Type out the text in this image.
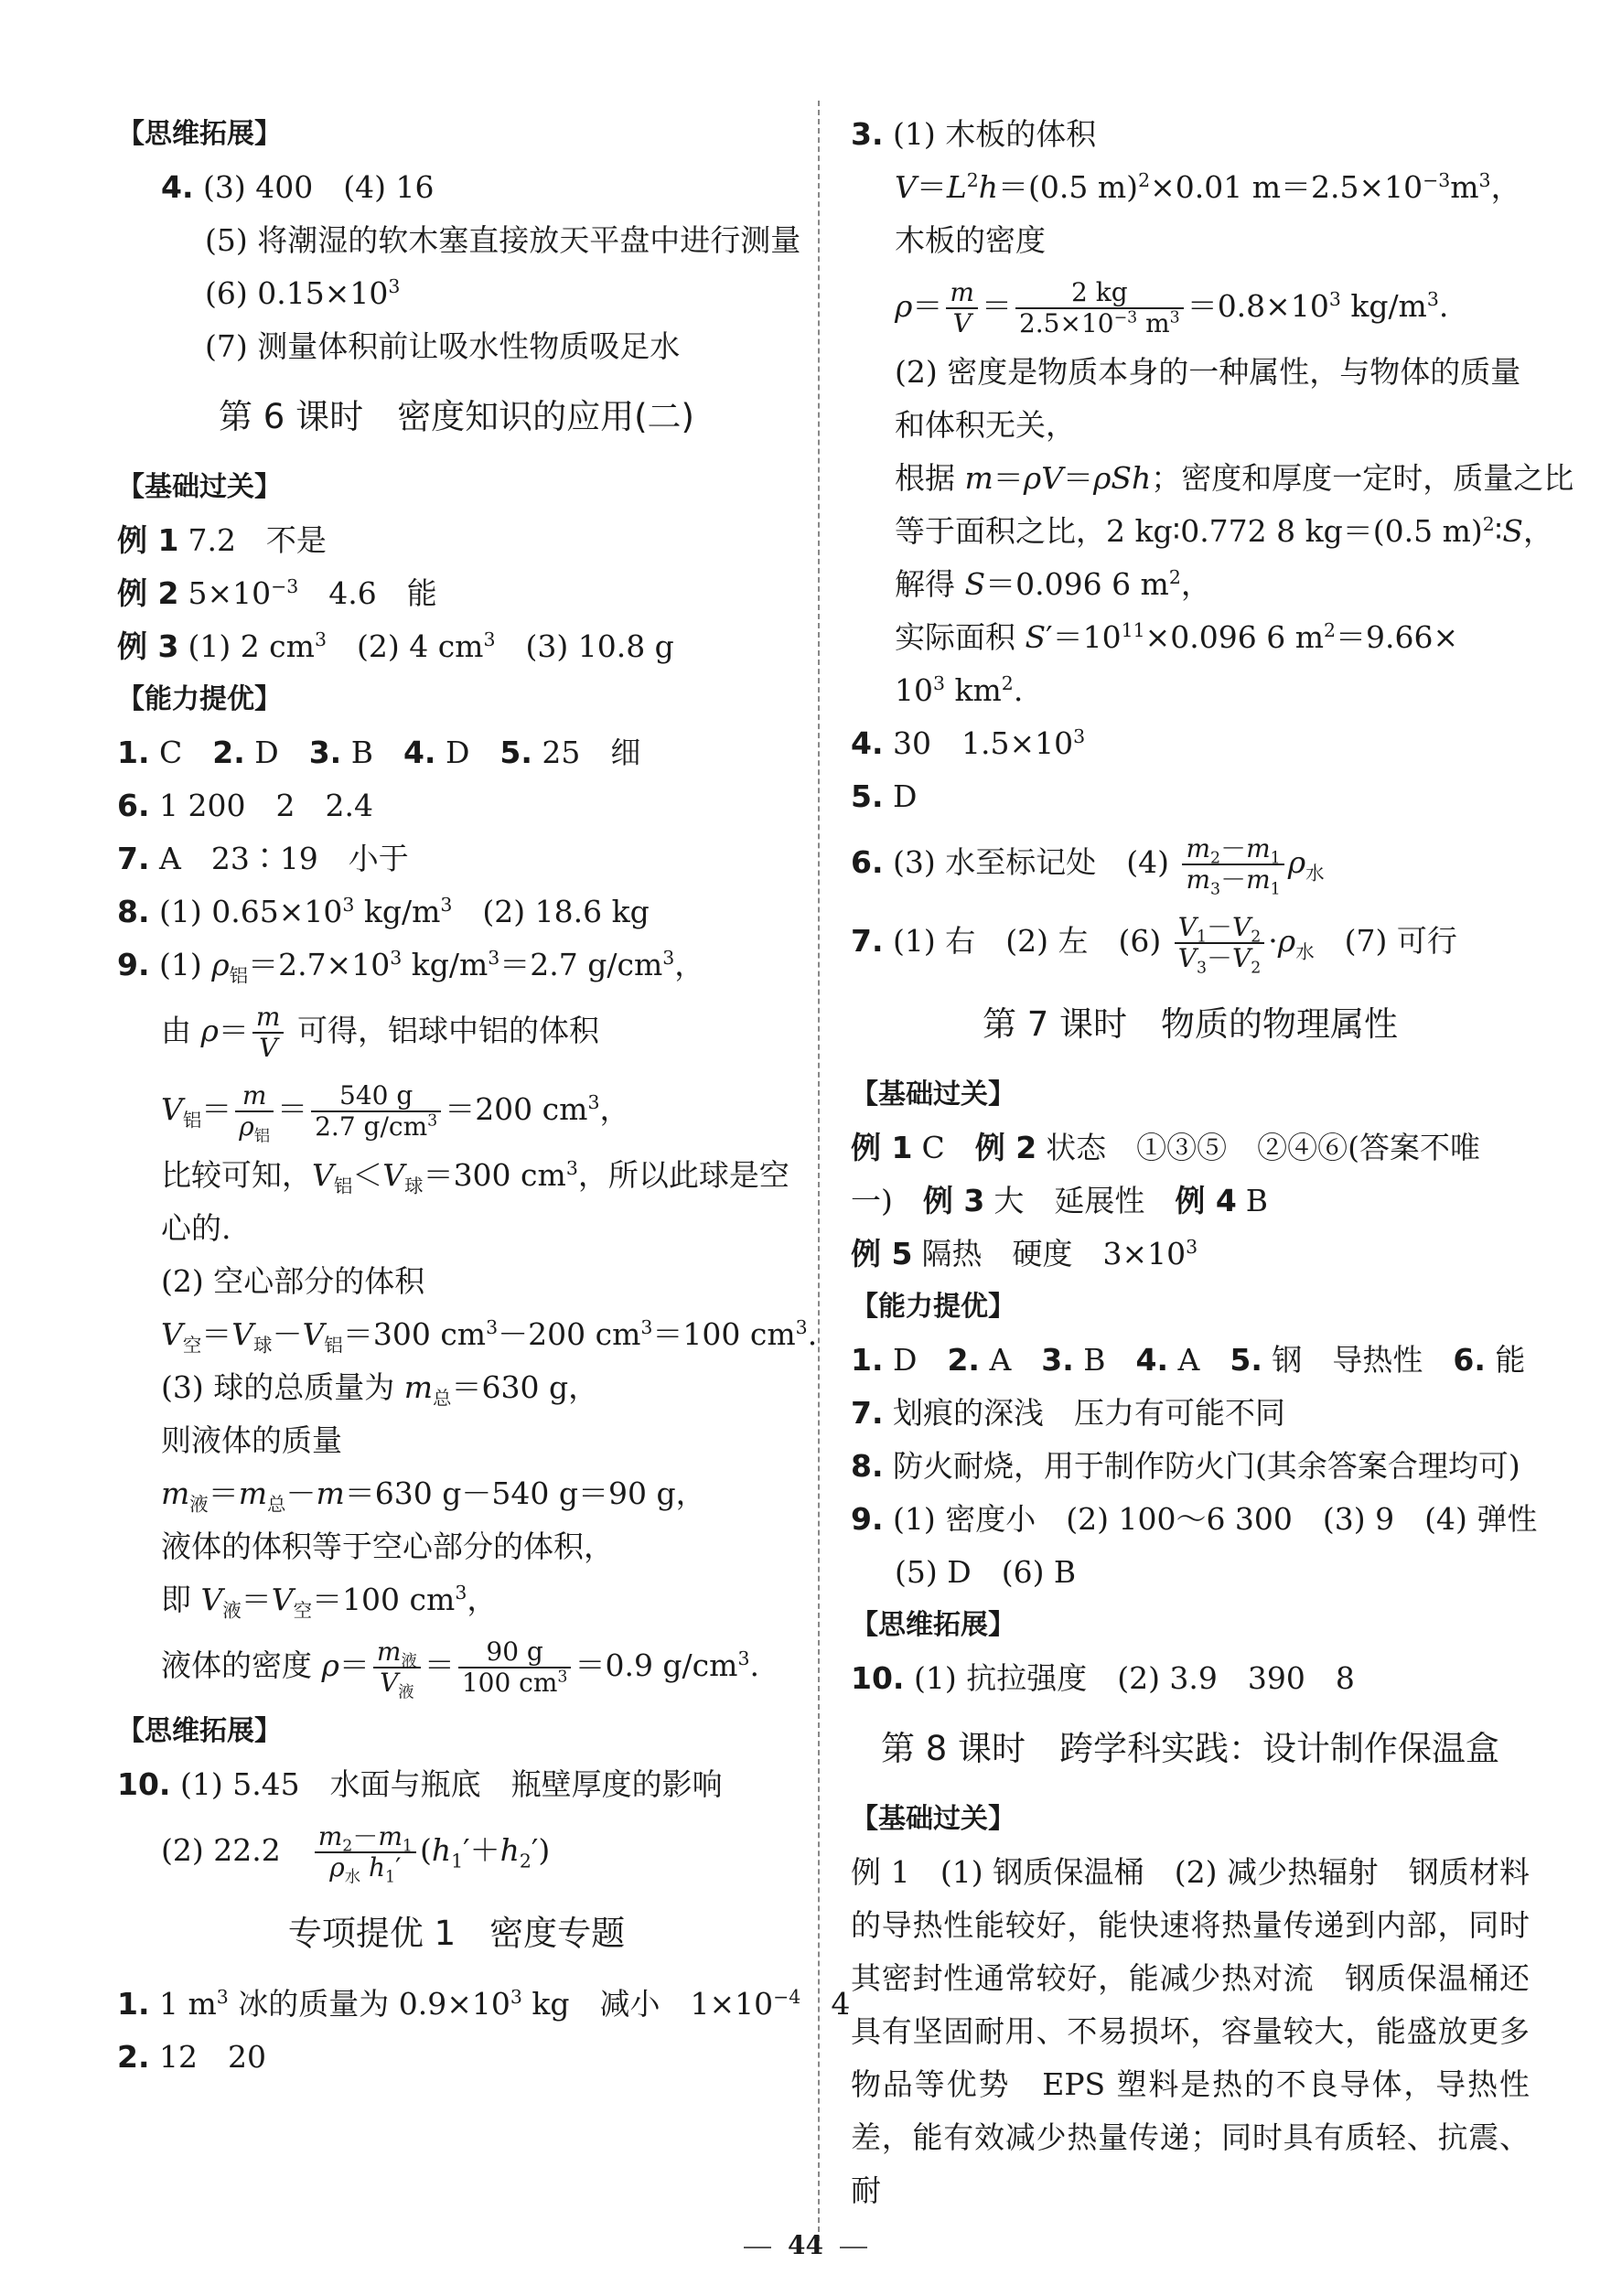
【思维拓展】
4. (3) 400　(4) 16
(5) 将潮湿的软木塞直接放天平盘中进行测量
(6) $0.15\times 10^3$
(7) 测量体积前让吸水性物质吸足水
第 6 课时　密度知识的应用(二)
【基础过关】
例 1 7.2　不是
例 2 $5\times 10^{-3}$　4.6　能
例 3 (1) 2 $cm^3$　(2) 4 $cm^3$　(3) 10.8 g
【能力提优】
1. C　2. D　3. B　4. D　5. 25　细
6. 1 200　2　2.4
7. A　23∶19　小于
8. (1) $0.65\times 10^3$ $kg/m^3$　(2) 18.6 kg
9. (1) $\rho_铝=2.7\times 10^3$ $kg/m^3=2.7$ $g/cm^3$，
由 $\rho= \frac{m}{V}$ 可得，铝球中铝的体积
$V_铝= \frac{m}{\rho_铝} = \frac{540 g}{2.7 g/cm^3} =200$ $cm^3$，
比较可知，$V_铝<V_球=300$ $cm^3$，所以此球是空
心的.
(2) 空心部分的体积
$V_空=V_球-V_铝=300$ $cm^3-200$ $cm^3=100$ $cm^3$.
(3) 球的总质量为 $m_总=630$ g，
则液体的质量
$m_液=m_总-m=630$ g－540 g＝90 g，
液体的体积等于空心部分的体积，
即 $V_液=V_空=100$ $cm^3$，
液体的密度 $\rho= \frac{m_液}{V_液} = \frac{90 g}{100 cm^3} =0.9$ $g/cm^3$.
【思维拓展】
10. (1) 5.45　水面与瓶底　瓶壁厚度的影响
(2) 22.2　 $\frac{m_2-m_1}{\rho_水 h_1'} (h_1'+h_2')$
专项提优 1　密度专题
1. 1 $m^3$ 冰的质量为 $0.9\times 10^3$ kg　减小　$1\times 10^{-4}$　4
2. 12　20
3. (1) 木板的体积
$V=L^2h=(0.5$ m)$^2$×0.01 $m=2.5\times 10^{-3}m^3$，
木板的密度
$\rho= \frac{m}{V} = \frac{2 kg}{2.5\times 10^{-3} m^3} =0.8\times 10^3$ $kg/m^3$.
(2) 密度是物质本身的一种属性，与物体的质量
和体积无关，
根据 m＝ρV＝ρSh；密度和厚度一定时，质量之比
等于面积之比，2 kg∶0.772 8 kg＝(0.5 m)$^2$∶S，
解得 S＝0.096 6 $m^2$，
实际面积 $S'=10^{11}\times 0.096$ 6 $m^2=9.66\times$
$10^3$ $km^2$.
4. 30　$1.5\times 10^3$
5. D
6. (3) 水至标记处　$(4) \frac{m_2-m_1}{m_3-m_1} \rho_水$
7. (1) 右　(2) 左　$(6) \frac{V_1-V_2}{V_3-V_2} \cdot\rho_水$　(7) 可行
第 7 课时　物质的物理属性
【基础过关】
例 1 C　例 2 状态　①③⑤　②④⑥(答案不唯
一)　例 3 大　延展性　例 4 B
例 5 隔热　硬度　$3\times 10^3$
【能力提优】
1. D　2. A　3. B　4. A　5. 钢　导热性　6. 能
7. 划痕的深浅　压力有可能不同
8. 防火耐烧，用于制作防火门(其余答案合理均可)
9. (1) 密度小　(2) 100～6 300　(3) 9　(4) 弹性
(5) D　(6) B
【思维拓展】
10. (1) 抗拉强度　(2) 3.9　390　8
第 8 课时　跨学科实践：设计制作保温盒
【基础过关】
例 1　(1) 钢质保温桶　(2) 减少热辐射　钢质材料的导热性能较好，能快速将热量传递到内部，同时其密封性通常较好，能减少热对流　钢质保温桶还具有坚固耐用、不易损坏，容量较大，能盛放更多物品等优势　EPS 塑料是热的不良导体，导热性差，能有效减少热量传递；同时具有质轻、抗震、耐
44
